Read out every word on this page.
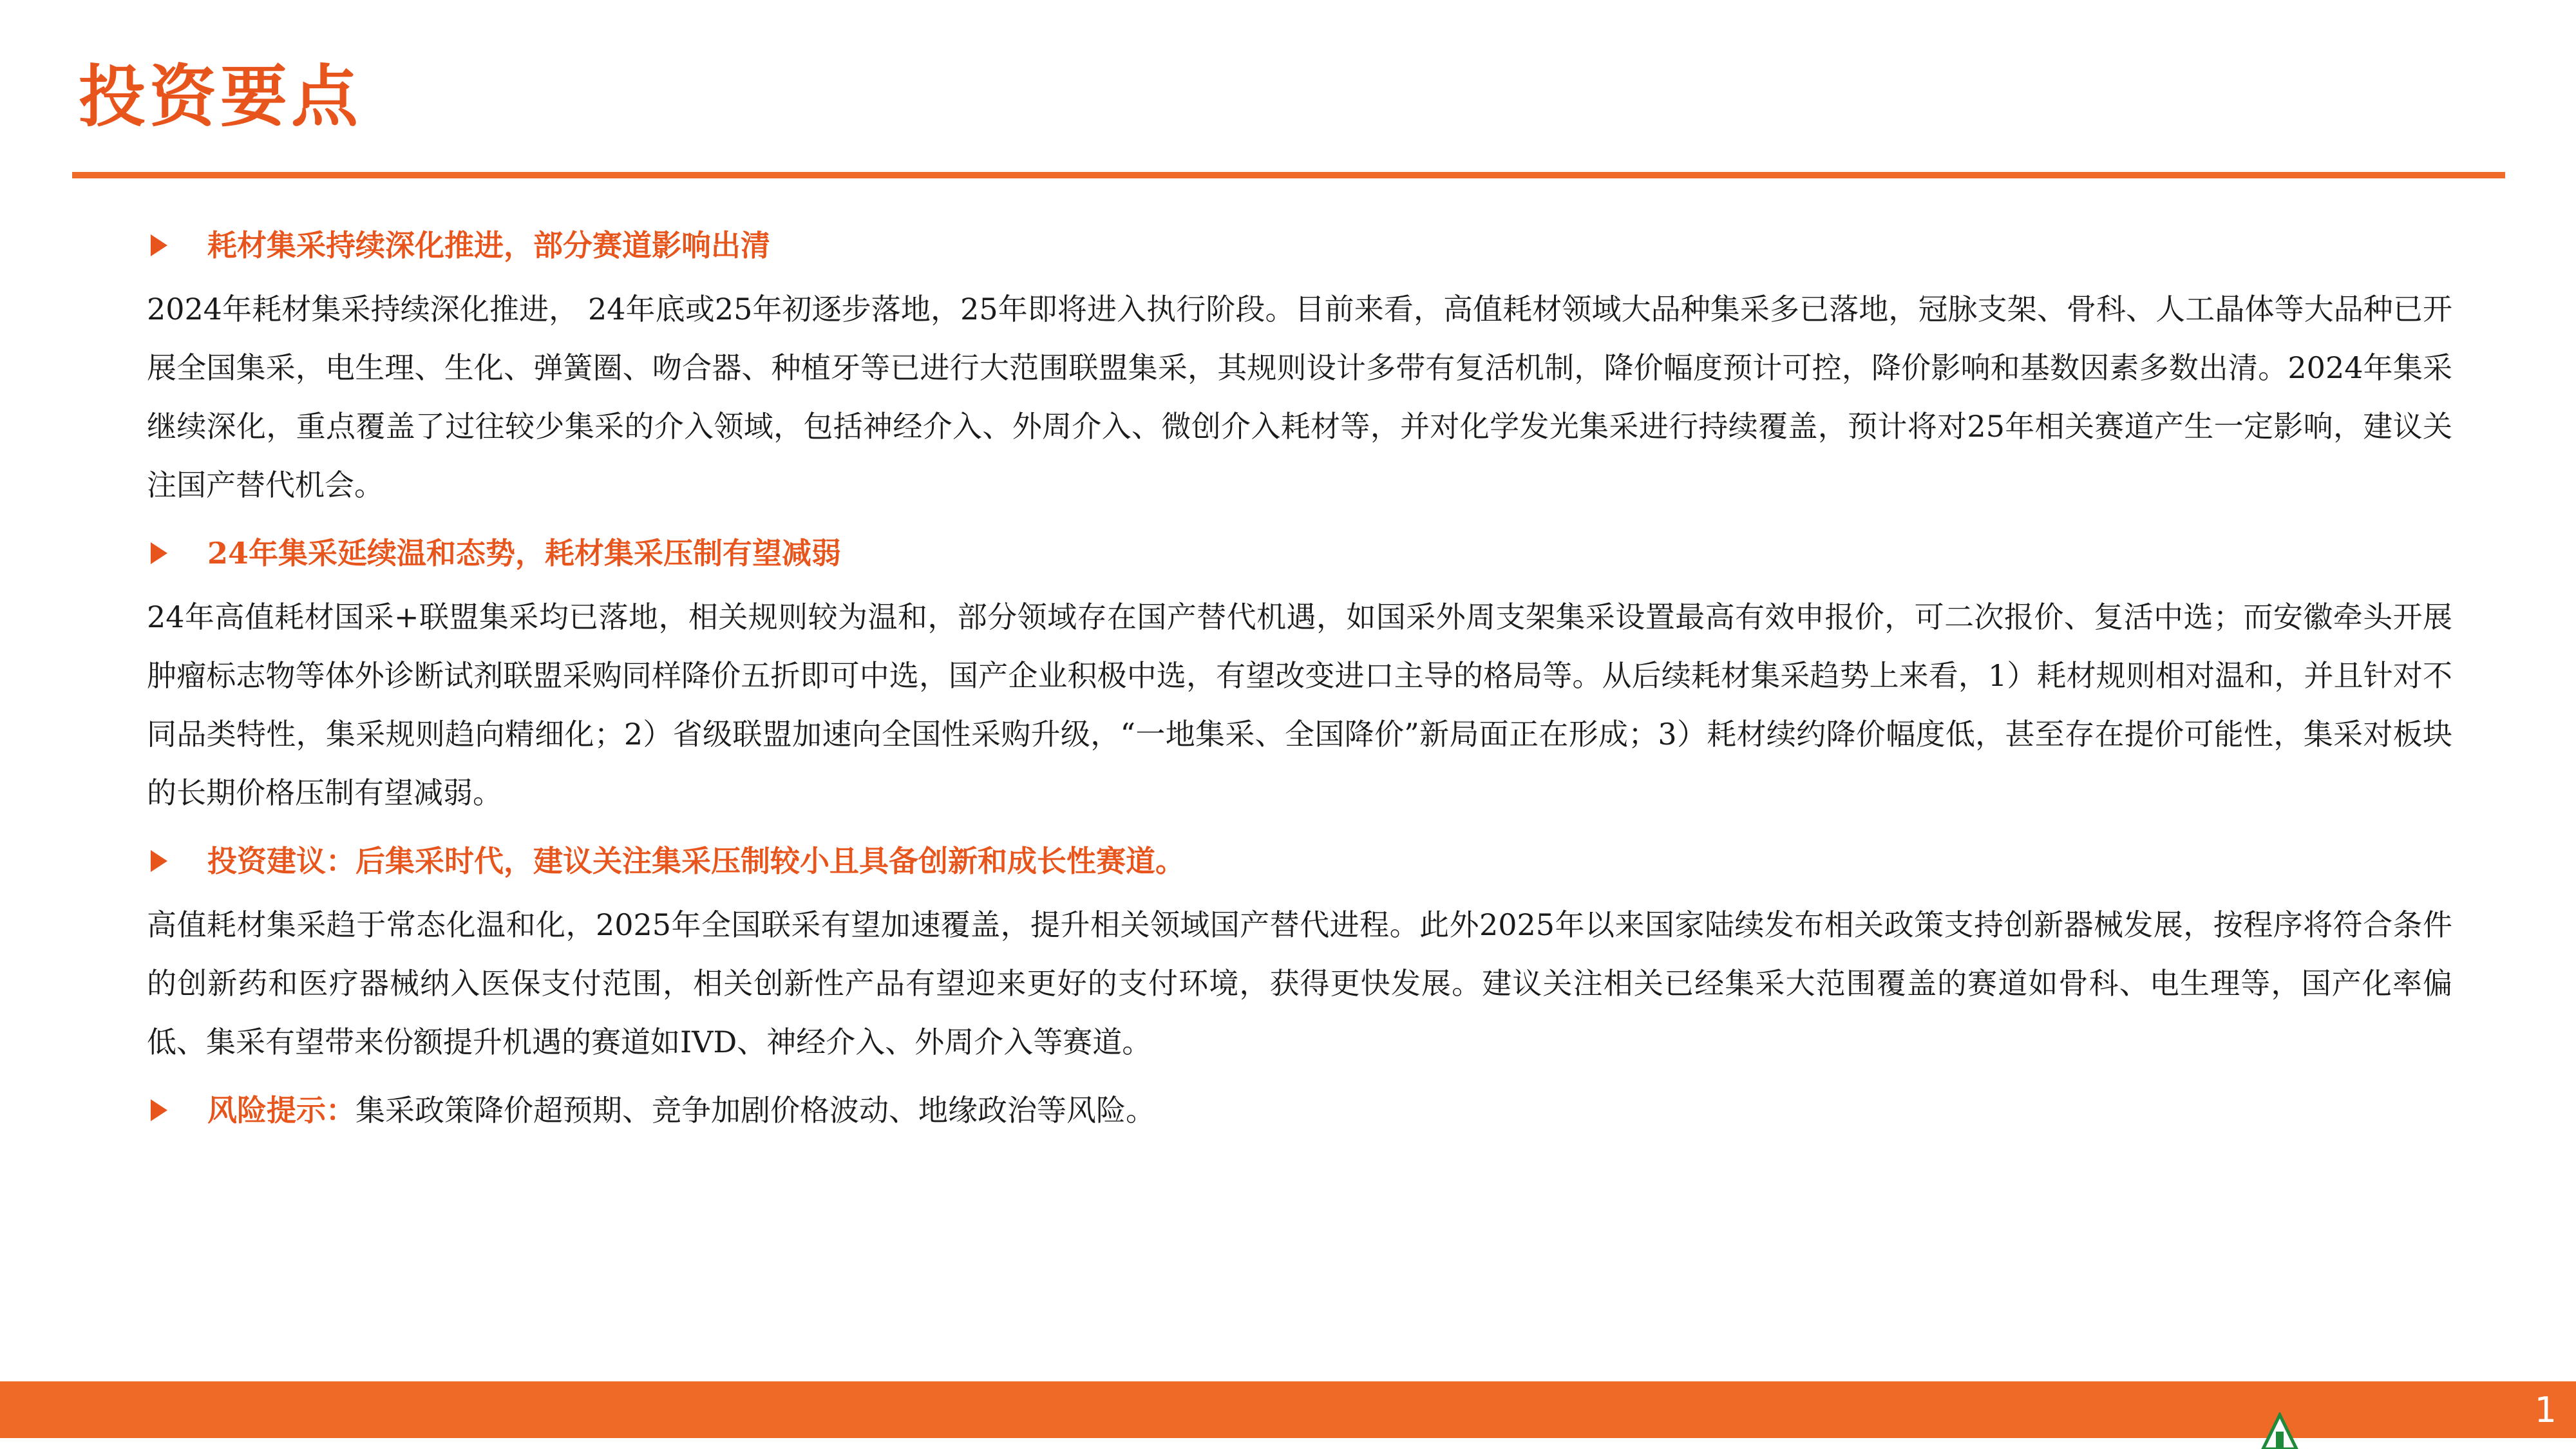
投资要点
耗材集采持续深化推进，部分赛道影响出清

2024年耗材集采持续深化推进， 24年底或25年初逐步落地，25年即将进入执行阶段。目前来看，高值耗材领域大品种集采多已落地，冠脉支架、骨科、人工晶体等大品种已开展全国集采，电生理、生化、弹簧圈、吻合器、种植牙等已进行大范围联盟集采，其规则设计多带有复活机制，降价幅度预计可控，降价影响和基数因素多数出清。2024年集采继续深化，重点覆盖了过往较少集采的介入领域，包括神经介入、外周介入、微创介入耗材等，并对化学发光集采进行持续覆盖，预计将对25年相关赛道产生一定影响，建议关注国产替代机会。

24年集采延续温和态势，耗材集采压制有望减弱

24年高值耗材国采+联盟集采均已落地，相关规则较为温和，部分领域存在国产替代机遇，如国采外周支架集采设置最高有效申报价，可二次报价、复活中选；而安徽牵头开展肿瘤标志物等体外诊断试剂联盟采购同样降价五折即可中选，国产企业积极中选，有望改变进口主导的格局等。从后续耗材集采趋势上来看，1）耗材规则相对温和，并且针对不同品类特性，集采规则趋向精细化；2）省级联盟加速向全国性采购升级，“一地集采、全国降价”新局面正在形成；3）耗材续约降价幅度低，甚至存在提价可能性，集采对板块的长期价格压制有望减弱。

投资建议：后集采时代，建议关注集采压制较小且具备创新和成长性赛道。

高值耗材集采趋于常态化温和化，2025年全国联采有望加速覆盖，提升相关领域国产替代进程。此外2025年以来国家陆续发布相关政策支持创新器械发展，按程序将符合条件的创新药和医疗器械纳入医保支付范围，相关创新性产品有望迎来更好的支付环境，获得更快发展。建议关注相关已经集采大范围覆盖的赛道如骨科、电生理等，国产化率偏低、集采有望带来份额提升机遇的赛道如IVD、神经介入、外周介入等赛道。

风险提示： 集采政策降价超预期、竞争加剧价格波动、地缘政治等风险。
1
